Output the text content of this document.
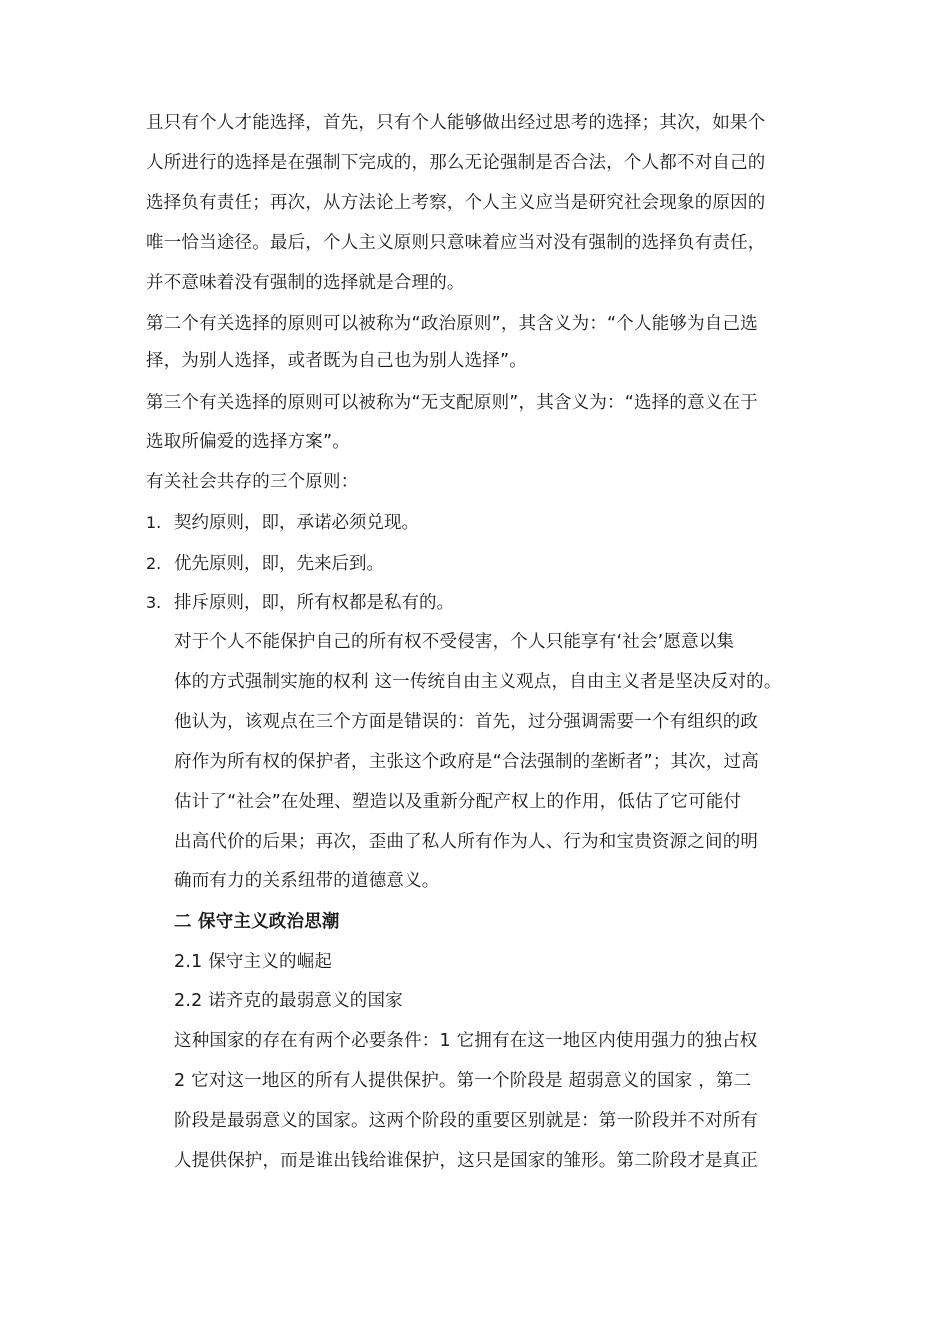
且只有个人才能选择，首先，只有个人能够做出经过思考的选择；其次，如果个
人所进行的选择是在强制下完成的，那么无论强制是否合法，个人都不对自己的
选择负有责任；再次，从方法论上考察，个人主义应当是研究社会现象的原因的
唯一恰当途径。最后，个人主义原则只意味着应当对没有强制的选择负有责任，
并不意味着没有强制的选择就是合理的。
第二个有关选择的原则可以被称为“政治原则”，其含义为：“个人能够为自己选
择，为别人选择，或者既为自己也为别人选择”。
第三个有关选择的原则可以被称为“无支配原则”，其含义为：“选择的意义在于
选取所偏爱的选择方案”。
有关社会共存的三个原则：
1. 契约原则，即，承诺必须兑现。
2. 优先原则，即，先来后到。
3. 排斥原则，即，所有权都是私有的。
对于个人不能保护自己的所有权不受侵害，个人只能享有‘社会’愿意以集
体的方式强制实施的权利 这一传统自由主义观点，自由主义者是坚决反对的。
他认为，该观点在三个方面是错误的：首先，过分强调需要一个有组织的政
府作为所有权的保护者，主张这个政府是“合法强制的垄断者”；其次，过高
估计了“社会”在处理、塑造以及重新分配产权上的作用，低估了它可能付
出高代价的后果；再次，歪曲了私人所有作为人、行为和宝贵资源之间的明
确而有力的关系纽带的道德意义。
二 保守主义政治思潮
2.1 保守主义的崛起
2.2 诺齐克的最弱意义的国家
这种国家的存在有两个必要条件：1 它拥有在这一地区内使用强力的独占权
2 它对这一地区的所有人提供保护。第一个阶段是 超弱意义的国家 ，第二
阶段是最弱意义的国家。这两个阶段的重要区别就是：第一阶段并不对所有
人提供保护，而是谁出钱给谁保护，这只是国家的雏形。第二阶段才是真正
